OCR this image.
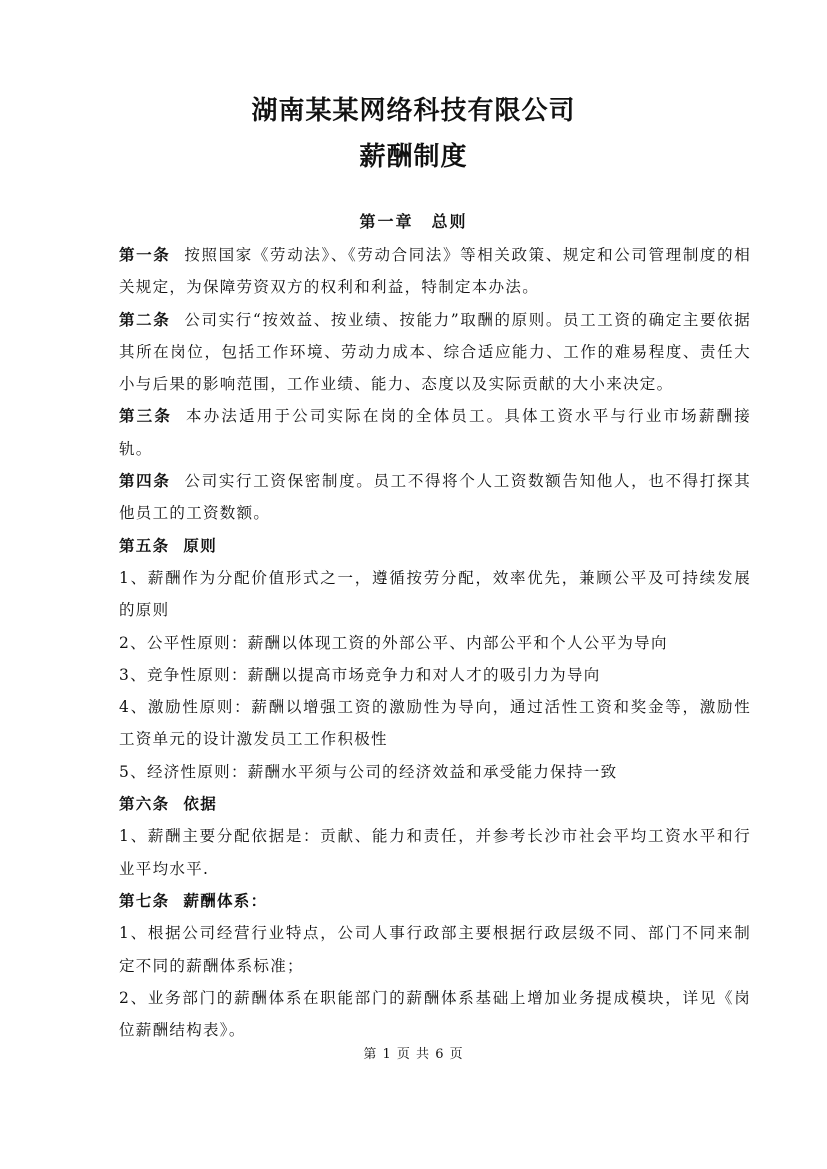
湖南某某网络科技有限公司
薪酬制度
第一章　总则

第一条 按照国家《劳动法》、《劳动合同法》等相关政策、规定和公司管理制度的相关规定，为保障劳资双方的权利和利益，特制定本办法。

第二条 公司实行“按效益、按业绩、按能力”取酬的原则。员工工资的确定主要依据其所在岗位，包括工作环境、劳动力成本、综合适应能力、工作的难易程度、责任大小与后果的影响范围，工作业绩、能力、态度以及实际贡献的大小来决定。

第三条 本办法适用于公司实际在岗的全体员工。具体工资水平与行业市场薪酬接轨。

第四条 公司实行工资保密制度。员工不得将个人工资数额告知他人，也不得打探其他员工的工资数额。

第五条 原则

1、薪酬作为分配价值形式之一，遵循按劳分配，效率优先，兼顾公平及可持续发展的原则

2、公平性原则：薪酬以体现工资的外部公平、内部公平和个人公平为导向

3、竞争性原则：薪酬以提高市场竞争力和对人才的吸引力为导向

4、激励性原则：薪酬以增强工资的激励性为导向，通过活性工资和奖金等，激励性工资单元的设计激发员工工作积极性

5、经济性原则：薪酬水平须与公司的经济效益和承受能力保持一致

第六条 依据

1、薪酬主要分配依据是：贡献、能力和责任，并参考长沙市社会平均工资水平和行业平均水平.

第七条 薪酬体系：

1、根据公司经营行业特点，公司人事行政部主要根据行政层级不同、部门不同来制定不同的薪酬体系标准；

2、业务部门的薪酬体系在职能部门的薪酬体系基础上增加业务提成模块，详见《岗位薪酬结构表》。

第 1 页 共 6 页
